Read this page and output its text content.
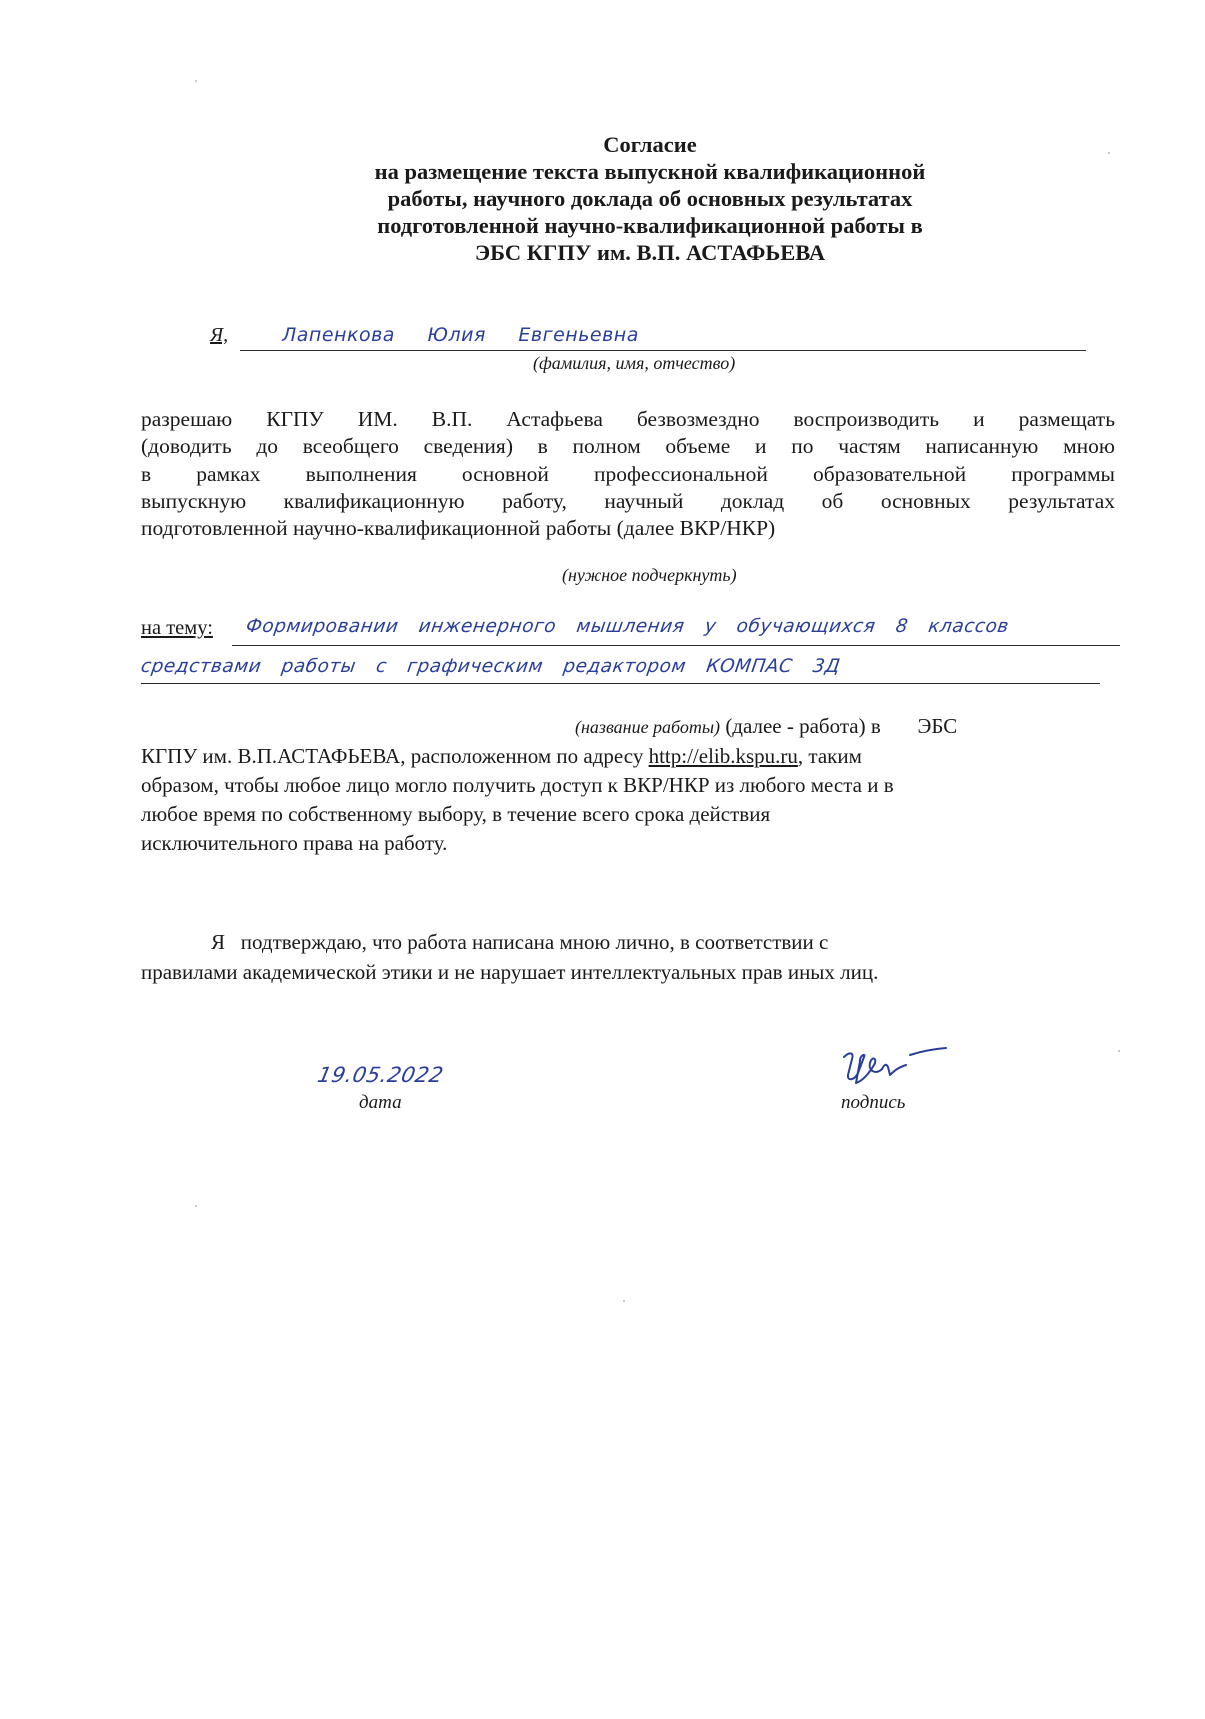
Согласие
на размещение текста выпускной квалификационной
работы, научного доклада об основных результатах
подготовленной научно-квалификационной работы в
ЭБС КГПУ им. В.П. АСТАФЬЕВА
Я,	Лапенкова Юлия Евгеньевна
(фамилия, имя, отчество)
разрешаю КГПУ ИМ. В.П. Астафьева безвозмездно воспроизводить и размещать
(доводить до всеобщего сведения) в полном объеме и по частям написанную мною
в рамках выполнения основной профессиональной образовательной программы
выпускную квалификационную работу, научный доклад об основных результатах
подготовленной научно-квалификационной работы (далее ВКР/НКР)
(нужное подчеркнуть)
на тему: Формировании инженерного мышления у обучающихся 8 классов
средствами работы с графическим редактором КОМПАС 3Д
(название работы) (далее - работа) в       ЭБС
КГПУ им. В.П.АСТАФЬЕВА, расположенном по адресу http://elib.kspu.ru, таким
образом, чтобы любое лицо могло получить доступ к ВКР/НКР из любого места и в
любое время по собственному выбору, в течение всего срока действия
исключительного права на работу.
Я   подтверждаю, что работа написана мною лично, в соответствии с
правилами академической этики и не нарушает интеллектуальных прав иных лиц.
19.05.2022
дата	подпись
